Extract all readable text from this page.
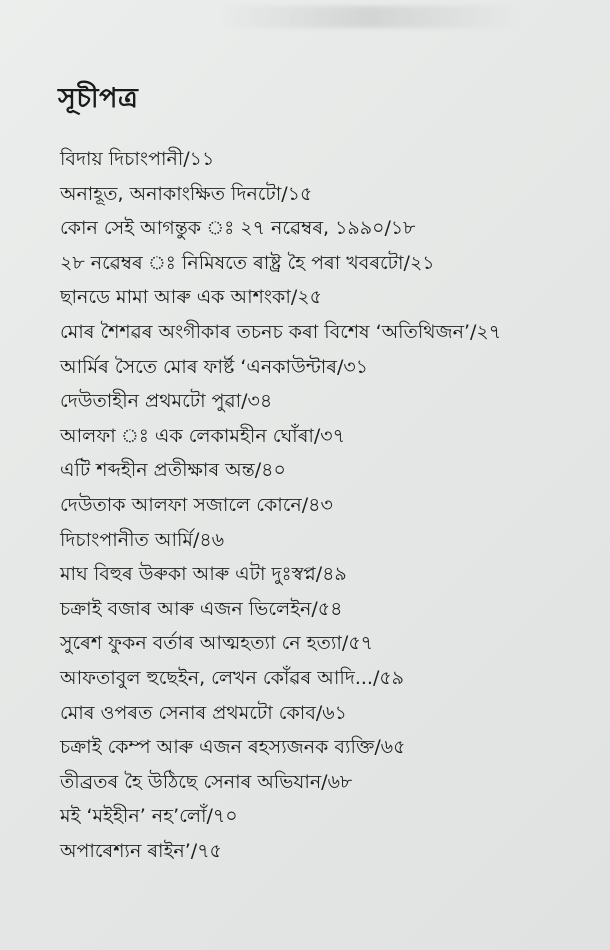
সূচীপত্ৰ
বিদায় দিচাংপানী/১১
অনাহূত, অনাকাংক্ষিত দিনটো/১৫
কোন সেই আগন্তুক ঃ ২৭ নৱেম্বৰ, ১৯৯০/১৮
২৮ নৱেম্বৰ ঃ নিমিষতে ৰাষ্ট্ৰ হৈ পৰা খবৰটো/২১
ছানডে মামা আৰু এক আশংকা/২৫
মোৰ শৈশৱৰ অংগীকাৰ তচনচ কৰা বিশেষ ‘অতিথিজন’/২৭
আৰ্মিৰ সৈতে মোৰ ফাৰ্ষ্ট ‘এনকাউন্টাৰ/৩১
দেউতাহীন প্ৰথমটো পুৱা/৩৪
আলফা ঃ এক লেকামহীন ঘোঁৰা/৩৭
এটি শব্দহীন প্ৰতীক্ষাৰ অন্ত/৪০
দেউতাক আলফা সজালে কোনে/৪৩
দিচাংপানীত আৰ্মি/৪৬
মাঘ বিহুৰ উৰুকা আৰু এটা দুঃস্বপ্ন/৪৯
চক্ৰাই বজাৰ আৰু এজন ভিলেইন/৫৪
সুৰেশ ফুকন বৰ্তাৰ আত্মহত্যা নে হত্যা/৫৭
আফতাবুল হুছেইন, লেখন কোঁৱৰ আদি.../৫৯
মোৰ ওপৰত সেনাৰ প্ৰথমটো কোব/৬১
চক্ৰাই কেম্প আৰু এজন ৰহস্যজনক ব্যক্তি/৬৫
তীব্ৰতৰ হৈ উঠিছে সেনাৰ অভিযান/৬৮
মই ‘মইহীন’ নহ’লোঁ/৭০
অপাৰেশ্যন ৰাইন’/৭৫
